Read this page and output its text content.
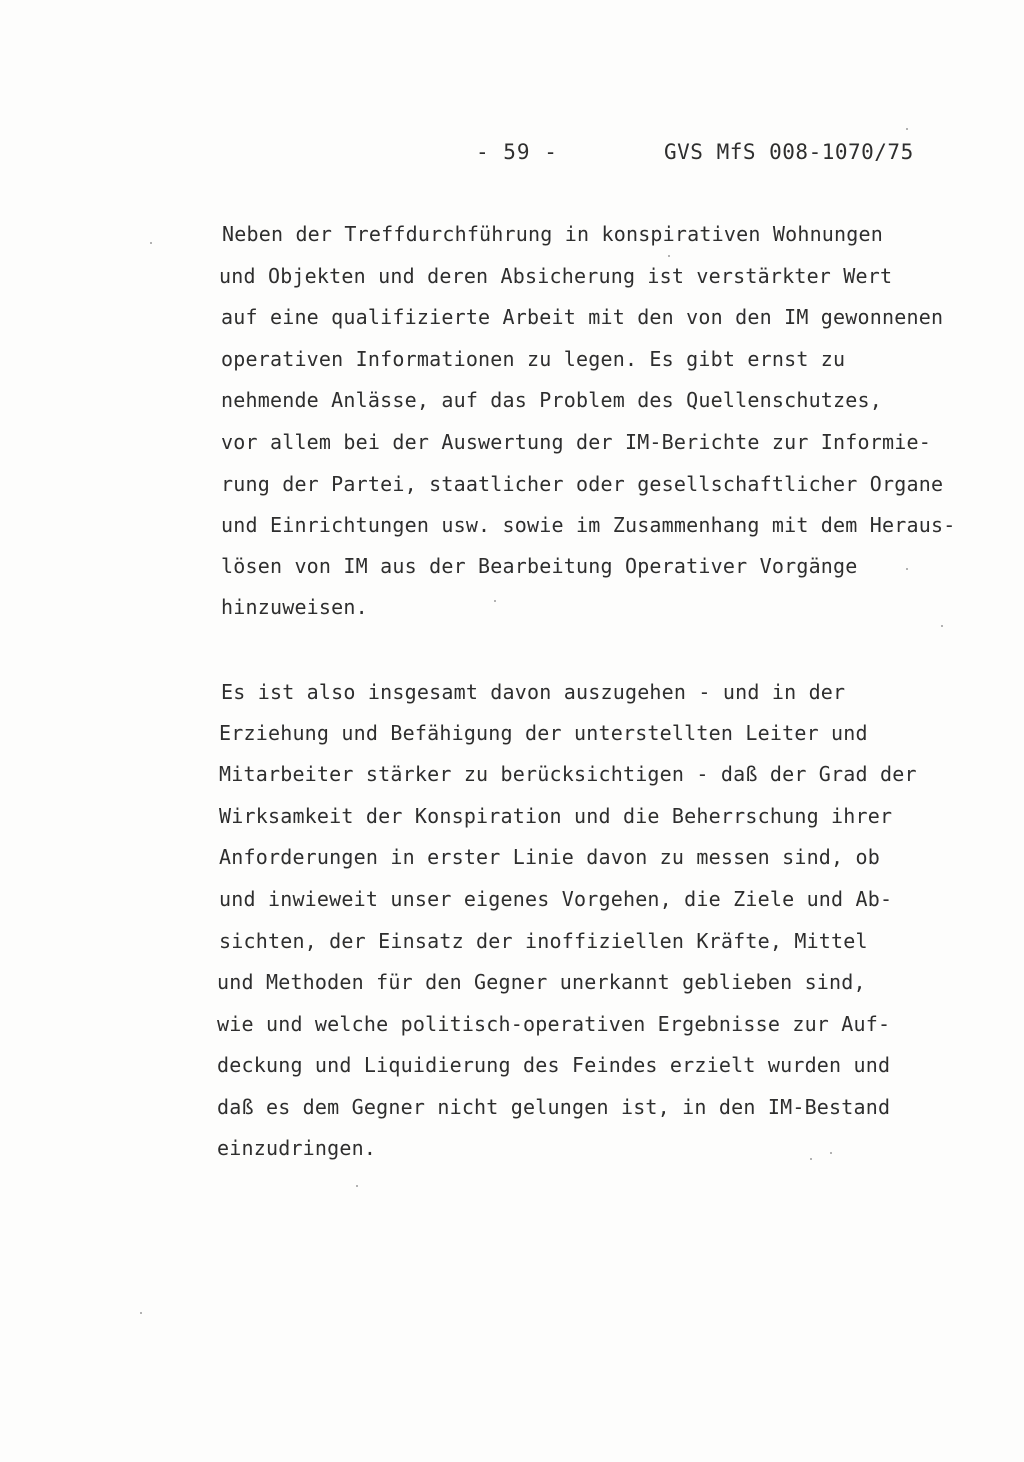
- 59 -	GVS MfS 008-1070/75
Neben der Treffdurchführung in konspirativen Wohnungen
und Objekten und deren Absicherung ist verstärkter Wert
auf eine qualifizierte Arbeit mit den von den IM gewonnenen
operativen Informationen zu legen. Es gibt ernst zu
nehmende Anlässe, auf das Problem des Quellenschutzes,
vor allem bei der Auswertung der IM-Berichte zur Informie-
rung der Partei, staatlicher oder gesellschaftlicher Organe
und Einrichtungen usw. sowie im Zusammenhang mit dem Heraus-
lösen von IM aus der Bearbeitung Operativer Vorgänge
hinzuweisen.
Es ist also insgesamt davon auszugehen - und in der
Erziehung und Befähigung der unterstellten Leiter und
Mitarbeiter stärker zu berücksichtigen - daß der Grad der
Wirksamkeit der Konspiration und die Beherrschung ihrer
Anforderungen in erster Linie davon zu messen sind, ob
und inwieweit unser eigenes Vorgehen, die Ziele und Ab-
sichten, der Einsatz der inoffiziellen Kräfte, Mittel
und Methoden für den Gegner unerkannt geblieben sind,
wie und welche politisch-operativen Ergebnisse zur Auf-
deckung und Liquidierung des Feindes erzielt wurden und
daß es dem Gegner nicht gelungen ist, in den IM-Bestand
einzudringen.
